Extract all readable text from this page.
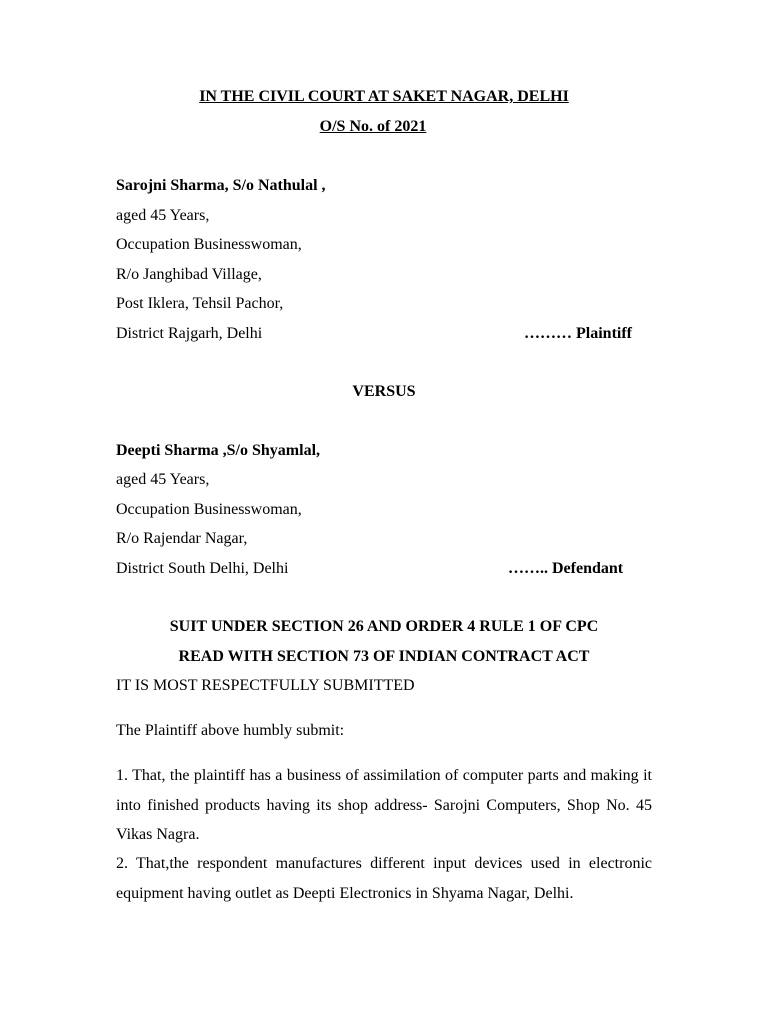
IN THE CIVIL COURT AT SAKET NAGAR, DELHI
O/S No. of 2021
Sarojni Sharma, S/o Nathulal ,
aged 45 Years,
Occupation Businesswoman,
R/o Janghibad Village,
Post Iklera, Tehsil Pachor,
District Rajgarh, Delhi	……… Plaintiff
VERSUS
Deepti Sharma ,S/o Shyamlal,
aged 45 Years,
Occupation Businesswoman,
R/o Rajendar Nagar,
District South Delhi, Delhi	…….. Defendant
SUIT UNDER SECTION 26 AND ORDER 4 RULE 1 OF CPC
READ WITH SECTION 73 OF INDIAN CONTRACT ACT
IT IS MOST RESPECTFULLY SUBMITTED
The Plaintiff above humbly submit:
1. That, the plaintiff has a business of assimilation of computer parts and making it into finished products having its shop address- Sarojni Computers, Shop No. 45 Vikas Nagra.
2. That,the respondent manufactures different input devices used in electronic equipment having outlet as Deepti Electronics in Shyama Nagar, Delhi.
